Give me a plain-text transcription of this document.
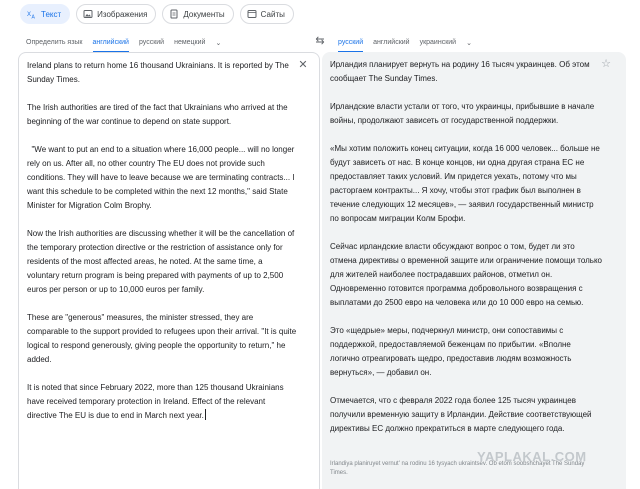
X A Текст	Изображения	Документы	Сайты
Определить язык английский русский немецкий ⌄	⇆	русский английский украинский ⌄

Ireland plans to return home 16 thousand Ukrainians. It is reported by The Sunday Times.

The Irish authorities are tired of the fact that Ukrainians who arrived at the beginning of the war continue to depend on state support.

"We want to put an end to a situation where 16,000 people... will no longer rely on us. After all, no other country The EU does not provide such conditions. They will have to leave because we are terminating contracts... I want this schedule to be completed within the next 12 months," said State Minister for Migration Colm Brophy.

Now the Irish authorities are discussing whether it will be the cancellation of the temporary protection directive or the restriction of assistance only for residents of the most affected areas, he noted. At the same time, a voluntary return program is being prepared with payments of up to 2,500 euros per person or up to 10,000 euros per family.

These are "generous" measures, the minister stressed, they are comparable to the support provided to refugees upon their arrival. "It is quite logical to respond generously, giving people the opportunity to return," he added.

It is noted that since February 2022, more than 125 thousand Ukrainians have received temporary protection in Ireland. Effect of the relevant directive The EU is due to end in March next year.

✕	Ирландия планирует вернуть на родину 16 тысяч украинцев. Об этом сообщает The Sunday Times.

Ирландские власти устали от того, что украинцы, прибывшие в начале войны, продолжают зависеть от государственной поддержки.

«Мы хотим положить конец ситуации, когда 16 000 человек... больше не будут зависеть от нас. В конце концов, ни одна другая страна ЕС не предоставляет таких условий. Им придется уехать, потому что мы расторгаем контракты... Я хочу, чтобы этот график был выполнен в течение следующих 12 месяцев», — заявил государственный министр по вопросам миграции Колм Брофи.

Сейчас ирландские власти обсуждают вопрос о том, будет ли это отмена директивы о временной защите или ограничение помощи только для жителей наиболее пострадавших районов, отметил он. Одновременно готовится программа добровольного возвращения с выплатами до 2500 евро на человека или до 10 000 евро на семью.

Это «щедрые» меры, подчеркнул министр, они сопоставимы с поддержкой, предоставляемой беженцам по прибытии. «Вполне логично отреагировать щедро, предоставив людям возможность вернуться», — добавил он.

Отмечается, что с февраля 2022 года более 125 тысяч украинцев получили временную защиту в Ирландии. Действие соответствующей директивы ЕС должно прекратиться в марте следующего года.

☆
Irlandiya planiruyet vernut' na rodinu 16 tysyach ukraintsev. Ob etom soobshchayet The Sunday Times.
YAPLAKAL.COM
